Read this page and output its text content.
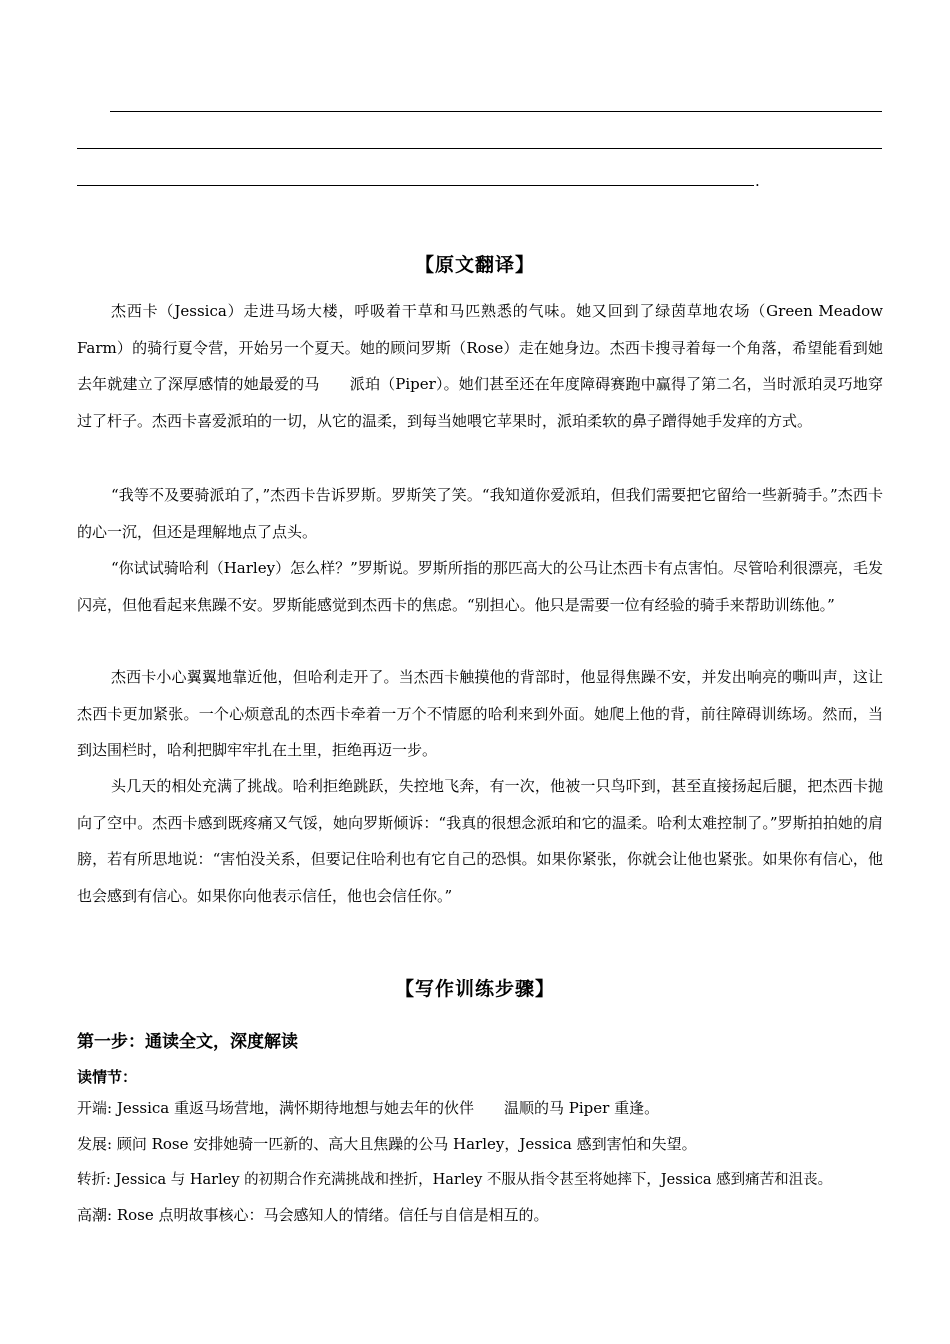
.
【原文翻译】

杰西卡（Jessica）走进马场大楼，呼吸着干草和马匹熟悉的气味。她又回到了绿茵草地农场（Green Meadow Farm）的骑行夏令营，开始另一个夏天。她的顾问罗斯（Rose）走在她身边。杰西卡搜寻着每一个角落，希望能看到她去年就建立了深厚感情的她最爱的马　　派珀（Piper）。她们甚至还在年度障碍赛跑中赢得了第二名，当时派珀灵巧地穿过了杆子。杰西卡喜爱派珀的一切，从它的温柔，到每当她喂它苹果时，派珀柔软的鼻子蹭得她手发痒的方式。

“我等不及要骑派珀了，”杰西卡告诉罗斯。罗斯笑了笑。“我知道你爱派珀，但我们需要把它留给一些新骑手。”杰西卡的心一沉，但还是理解地点了点头。

“你试试骑哈利（Harley）怎么样？”罗斯说。罗斯所指的那匹高大的公马让杰西卡有点害怕。尽管哈利很漂亮，毛发闪亮，但他看起来焦躁不安。罗斯能感觉到杰西卡的焦虑。“别担心。他只是需要一位有经验的骑手来帮助训练他。”

杰西卡小心翼翼地靠近他，但哈利走开了。当杰西卡触摸他的背部时，他显得焦躁不安，并发出响亮的嘶叫声，这让杰西卡更加紧张。一个心烦意乱的杰西卡牵着一万个不情愿的哈利来到外面。她爬上他的背，前往障碍训练场。然而，当到达围栏时，哈利把脚牢牢扎在土里，拒绝再迈一步。

头几天的相处充满了挑战。哈利拒绝跳跃，失控地飞奔，有一次，他被一只鸟吓到，甚至直接扬起后腿，把杰西卡抛向了空中。杰西卡感到既疼痛又气馁，她向罗斯倾诉：“我真的很想念派珀和它的温柔。哈利太难控制了。”罗斯拍拍她的肩膀，若有所思地说：“害怕没关系，但要记住哈利也有它自己的恐惧。如果你紧张，你就会让他也紧张。如果你有信心，他也会感到有信心。如果你向他表示信任，他也会信任你。”

【写作训练步骤】
第一步：通读全文，深度解读
读情节：
开端: Jessica 重返马场营地，满怀期待地想与她去年的伙伴　　温顺的马 Piper 重逢。
发展: 顾问 Rose 安排她骑一匹新的、高大且焦躁的公马 Harley，Jessica 感到害怕和失望。
转折: Jessica 与 Harley 的初期合作充满挑战和挫折，Harley 不服从指令甚至将她摔下，Jessica 感到痛苦和沮丧。
高潮: Rose 点明故事核心：马会感知人的情绪。信任与自信是相互的。
